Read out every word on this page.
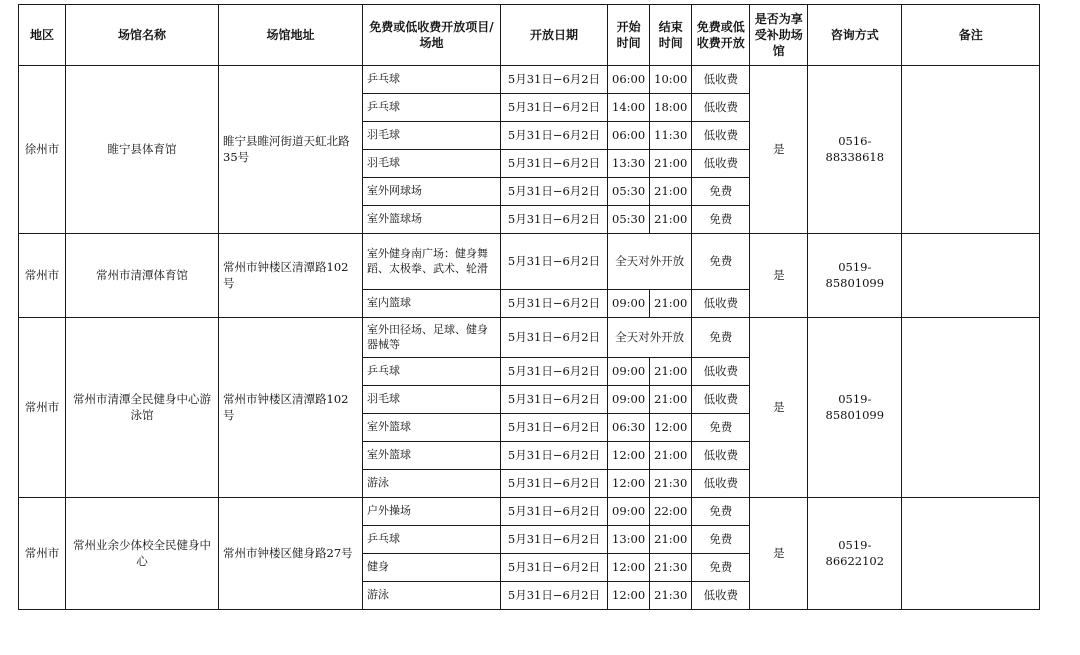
地区	场馆名称	场馆地址	免费或低收费开放项目/场地	开放日期	开始时间	结束时间	免费或低收费开放	是否为享受补助场馆	咨询方式	备注
徐州市	睢宁县体育馆	睢宁县睢河街道天虹北路35号	乒乓球	5月31日−6月2日	06:00	10:00	低收费	是	0516-88338618	
			乒乓球	5月31日−6月2日	14:00	18:00	低收费			
			羽毛球	5月31日−6月2日	06:00	11:30	低收费			
			羽毛球	5月31日−6月2日	13:30	21:00	低收费			
			室外网球场	5月31日−6月2日	05:30	21:00	免费			
			室外篮球场	5月31日−6月2日	05:30	21:00	免费			
常州市	常州市清潭体育馆	常州市钟楼区清潭路102号	室外健身南广场：健身舞蹈、太极拳、武术、轮滑	5月31日−6月2日	全天对外开放		免费	是	0519-85801099	
			室内篮球	5月31日−6月2日	09:00	21:00	低收费			
常州市	常州市清潭全民健身中心游泳馆	常州市钟楼区清潭路102号	室外田径场、足球、健身器械等	5月31日−6月2日	全天对外开放		免费	是	0519-85801099	
			乒乓球	5月31日−6月2日	09:00	21:00	低收费			
			羽毛球	5月31日−6月2日	09:00	21:00	低收费			
			室外篮球	5月31日−6月2日	06:30	12:00	免费			
			室外篮球	5月31日−6月2日	12:00	21:00	低收费			
			游泳	5月31日−6月2日	12:00	21:30	低收费			
常州市	常州业余少体校全民健身中心	常州市钟楼区健身路27号	户外操场	5月31日−6月2日	09:00	22:00	免费	是	0519-86622102	
			乒乓球	5月31日−6月2日	13:00	21:00	免费			
			健身	5月31日−6月2日	12:00	21:30	免费			
			游泳	5月31日−6月2日	12:00	21:30	低收费			
